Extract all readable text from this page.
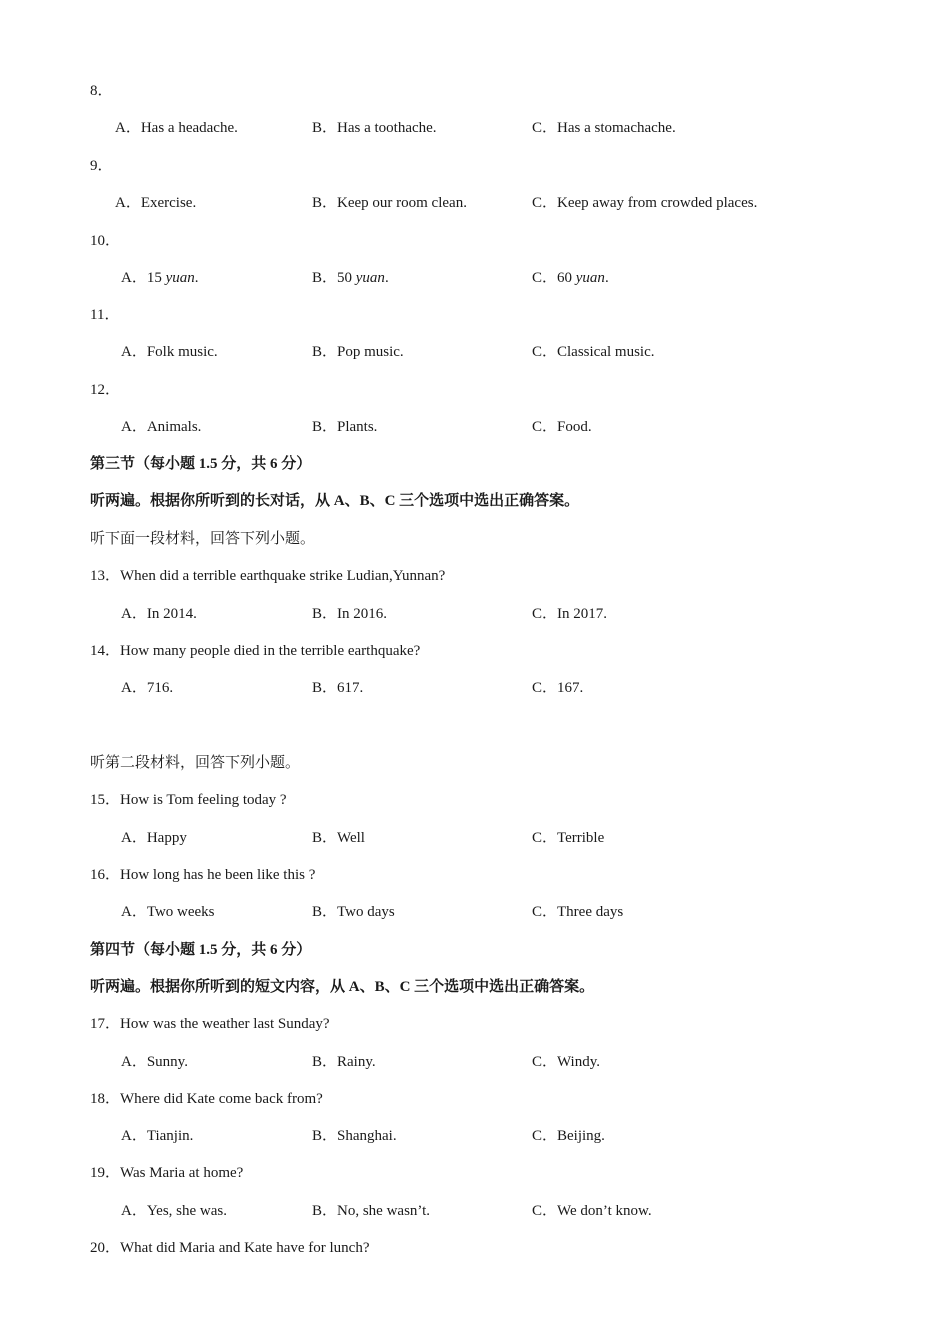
8．
A．Has a headache.	B．Has a toothache.	C．Has a stomachache.
9．
A．Exercise.	B．Keep our room clean.	C．Keep away from crowded places.
10．
A．15 yuan.	B．50 yuan.	C．60 yuan.
11．
A．Folk music.	B．Pop music.	C．Classical music.
12．
A．Animals.	B．Plants.	C．Food.
第三节（每小题 1.5 分，共 6 分）
听两遍。根据你所听到的长对话，从 A、B、C 三个选项中选出正确答案。
听下面一段材料，回答下列小题。
13．When did a terrible earthquake strike Ludian,Yunnan?
A．In 2014.	B．In 2016.	C．In 2017.
14．How many people died in the terrible earthquake?
A．716.	B．617.	C．167.
听第二段材料，回答下列小题。
15．How is Tom feeling today ?
A．Happy	B．Well	C．Terrible
16．How long has he been like this ?
A．Two weeks	B．Two days	C．Three days
第四节（每小题 1.5 分，共 6 分）
听两遍。根据你所听到的短文内容，从 A、B、C 三个选项中选出正确答案。
17．How was the weather last Sunday?
A．Sunny.	B．Rainy.	C．Windy.
18．Where did Kate come back from?
A．Tianjin.	B．Shanghai.	C．Beijing.
19．Was Maria at home?
A．Yes, she was.	B．No, she wasn’t.	C．We don’t know.
20．What did Maria and Kate have for lunch?
